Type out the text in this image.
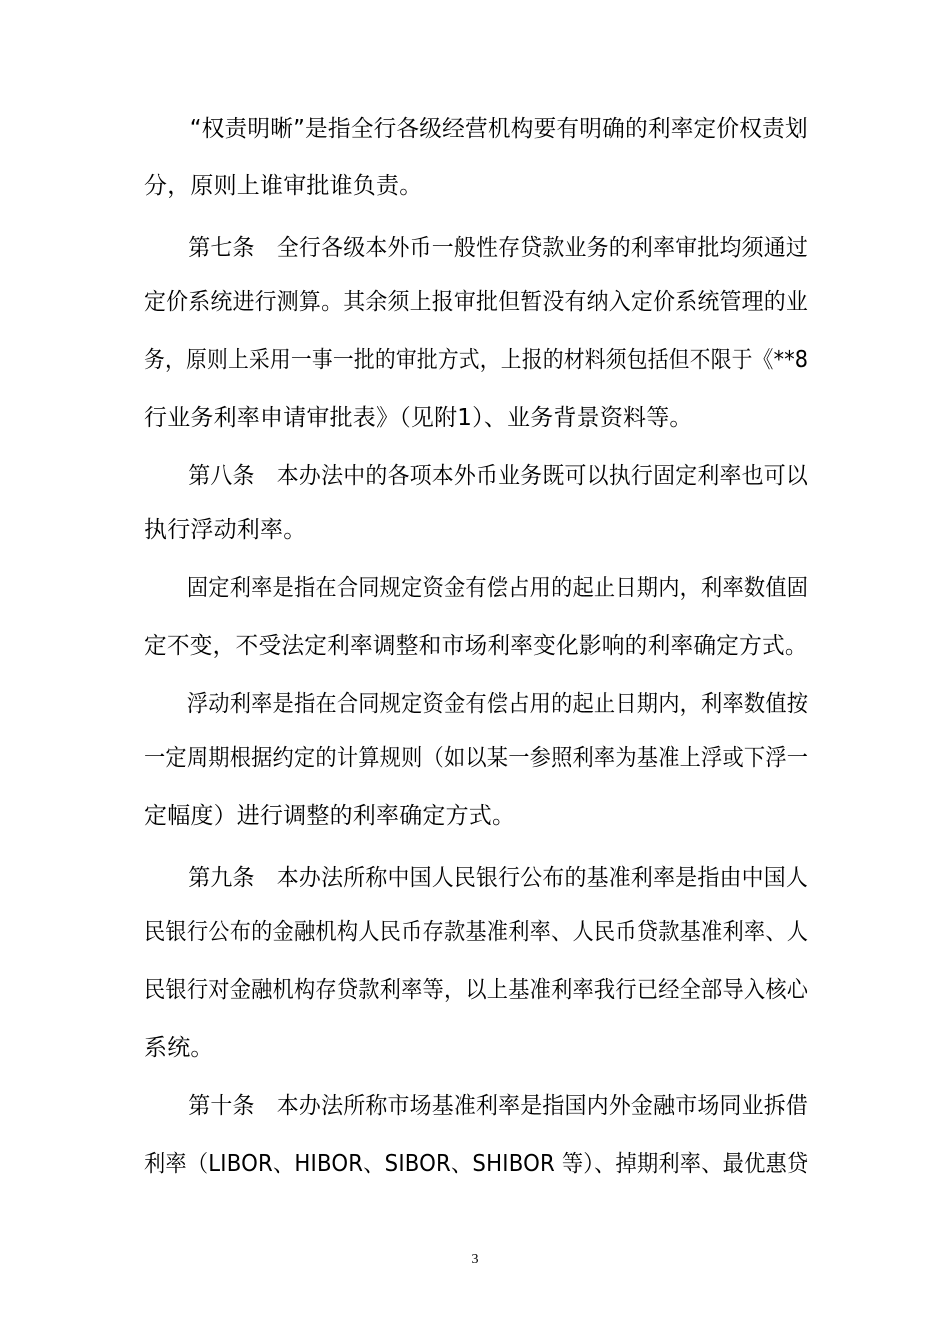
　　“权责明晰”是指全行各级经营机构要有明确的利率定价权责划
分，原则上谁审批谁负责。
　　第七条　全行各级本外币一般性存贷款业务的利率审批均须通过
定价系统进行测算。其余须上报审批但暂没有纳入定价系统管理的业
务，原则上采用一事一批的审批方式，上报的材料须包括但不限于《**8
行业务利率申请审批表》（见附1）、业务背景资料等。
　　第八条　本办法中的各项本外币业务既可以执行固定利率也可以
执行浮动利率。
　　固定利率是指在合同规定资金有偿占用的起止日期内，利率数值固
定不变，不受法定利率调整和市场利率变化影响的利率确定方式。
　　浮动利率是指在合同规定资金有偿占用的起止日期内，利率数值按
一定周期根据约定的计算规则（如以某一参照利率为基准上浮或下浮一
定幅度）进行调整的利率确定方式。
　　第九条　本办法所称中国人民银行公布的基准利率是指由中国人
民银行公布的金融机构人民币存款基准利率、人民币贷款基准利率、人
民银行对金融机构存贷款利率等，以上基准利率我行已经全部导入核心
系统。
　　第十条　本办法所称市场基准利率是指国内外金融市场同业拆借
利率（LIBOR、HIBOR、SIBOR、SHIBOR 等）、掉期利率、最优惠贷
3
